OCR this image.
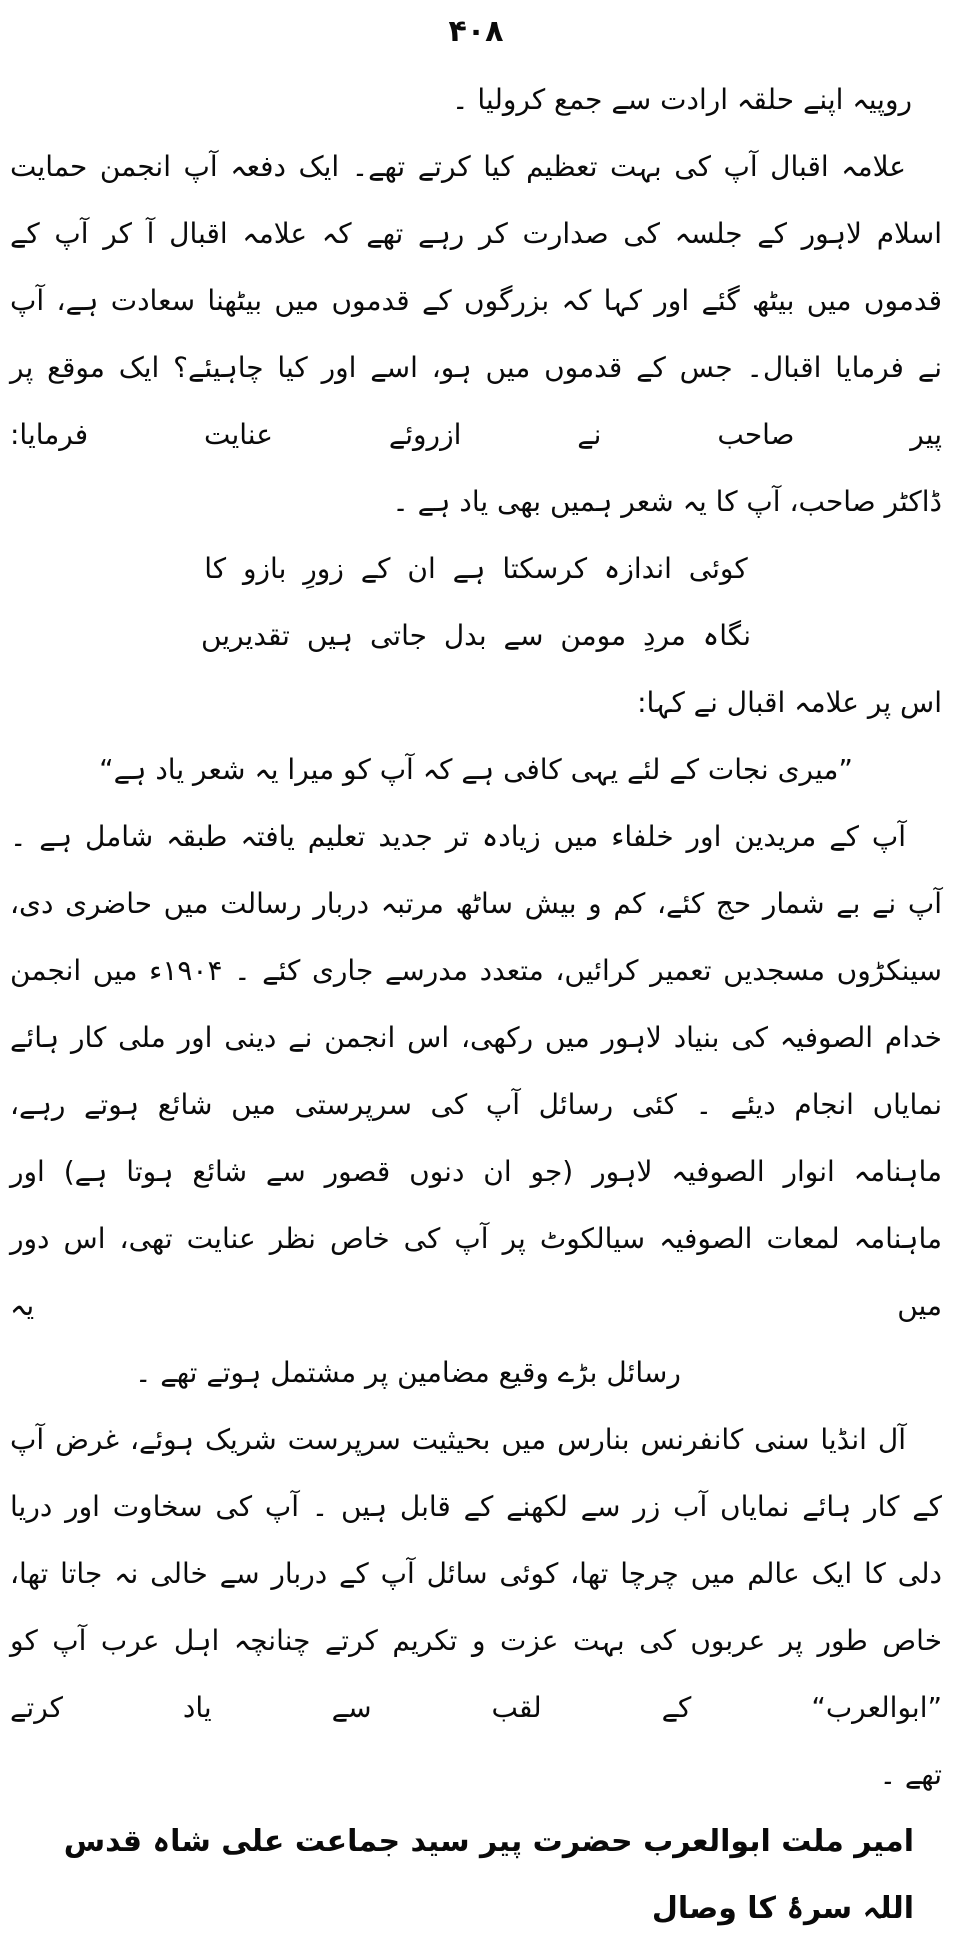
۴۰۸

روپیہ اپنے حلقہ ارادت سے جمع کرولیا ۔

علامہ اقبال آپ کی بہت تعظیم کیا کرتے تھے۔ ایک دفعہ آپ انجمن حمایت اسلام لاہور کے جلسہ کی صدارت کر رہے تھے کہ علامہ اقبال آ کر آپ کے قدموں میں بیٹھ گئے اور کہا کہ بزرگوں کے قدموں میں بیٹھنا سعادت ہے، آپ نے فرمایا اقبال۔ جس کے قدموں میں ہو، اسے اور کیا چاہیئے؟ ایک موقع پر پیر صاحب نے ازروئے عنایت فرمایا:

ڈاکٹر صاحب، آپ کا یہ شعر ہمیں بھی یاد ہے ۔

کوئی اندازہ کرسکتا ہے ان کے زورِ بازو کا

نگاہ مردِ مومن سے بدل جاتی ہیں تقدیریں

اس پر علامہ اقبال نے کہا:

”میری نجات کے لئے یہی کافی ہے کہ آپ کو میرا یہ شعر یاد ہے“

آپ کے مریدین اور خلفاء میں زیادہ تر جدید تعلیم یافتہ طبقہ شامل ہے ۔ آپ نے بے شمار حج کئے، کم و بیش ساٹھ مرتبہ دربار رسالت میں حاضری دی، سینکڑوں مسجدیں تعمیر کرائیں، متعدد مدرسے جاری کئے ۔ ۱۹۰۴ء میں انجمن خدام الصوفیہ کی بنیاد لاہور میں رکھی، اس انجمن نے دینی اور ملی کار ہائے نمایاں انجام دیئے ۔ کئی رسائل آپ کی سرپرستی میں شائع ہوتے رہے، ماہنامہ انوار الصوفیہ لاہور (جو ان دنوں قصور سے شائع ہوتا ہے) اور ماہنامہ لمعات الصوفیہ سیالکوٹ پر آپ کی خاص نظر عنایت تھی، اس دور میں یہ

رسائل بڑے وقیع مضامین پر مشتمل ہوتے تھے ۔

آل انڈیا سنی کانفرنس بنارس میں بحیثیت سرپرست شریک ہوئے، غرض آپ کے کار ہائے نمایاں آب زر سے لکھنے کے قابل ہیں ۔ آپ کی سخاوت اور دریا دلی کا ایک عالم میں چرچا تھا، کوئی سائل آپ کے دربار سے خالی نہ جاتا تھا، خاص طور پر عربوں کی بہت عزت و تکریم کرتے چنانچہ اہل عرب آپ کو ”ابوالعرب“ کے لقب سے یاد کرتے

تھے ۔

امیر ملت ابوالعرب حضرت پیر سید جماعت علی شاہ قدس اللہ سرۂ کا وصال
